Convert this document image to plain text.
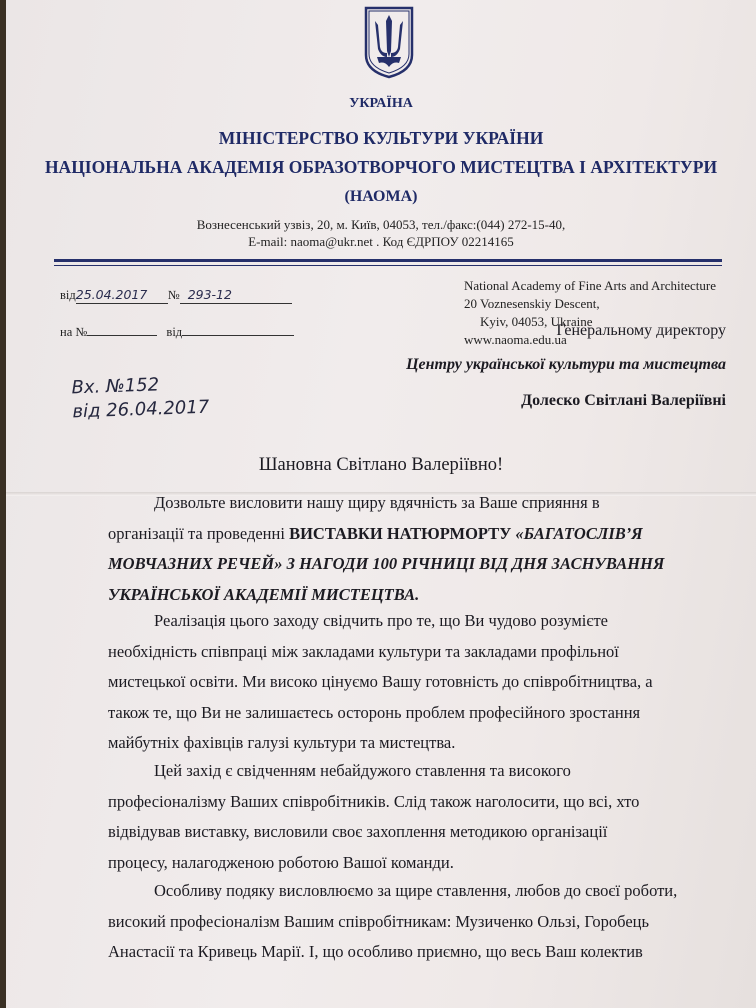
УКРАЇНА
МІНІСТЕРСТВО КУЛЬТУРИ УКРАЇНИ
НАЦІОНАЛЬНА АКАДЕМІЯ ОБРАЗОТВОРЧОГО МИСТЕЦТВА І АРХІТЕКТУРИ
(НАОМА)
Вознесенський узвіз, 20, м. Київ, 04053, тел./факс:(044) 272-15-40,
E-mail: naoma@ukr.net . Код ЄДРПОУ 02214165
від25.04.2017 № 293-12
на №	від
National Academy of Fine Arts and Architecture
20 Voznesenskiy Descent,
Kyiv, 04053, Ukraine
www.naoma.edu.ua
Генеральному директору
Центру української культури та мистецтва
Долеско Світлані Валеріївні
Вх. №152
від 26.04.2017
Шановна Світлано Валеріївно!
Дозвольте висловити нашу щиру вдячність за Ваше сприяння в
організації та проведенні ВИСТАВКИ НАТЮРМОРТУ «БАГАТОСЛІВ’Я
МОВЧАЗНИХ РЕЧЕЙ» З НАГОДИ 100 РІЧНИЦІ ВІД ДНЯ ЗАСНУВАННЯ
УКРАЇНСЬКОЇ АКАДЕМІЇ МИСТЕЦТВА.
Реалізація цього заходу свідчить про те, що Ви чудово розумієте
необхідність співпраці між закладами культури та закладами профільної
мистецької освіти. Ми високо цінуємо Вашу готовність до співробітництва, а
також те, що Ви не залишаєтесь осторонь проблем професійного зростання
майбутніх фахівців галузі культури та мистецтва.
Цей захід є свідченням небайдужого ставлення та високого
професіоналізму Ваших співробітників. Слід також наголосити, що всі, хто
відвідував виставку, висловили своє захоплення методикою організації
процесу, налагодженою роботою Вашої команди.
Особливу подяку висловлюємо за щире ставлення, любов до своєї роботи,
високий професіоналізм Вашим співробітникам: Музиченко Ользі, Горобець
Анастасії та Кривець Марії. І, що особливо приємно, що весь Ваш колектив
